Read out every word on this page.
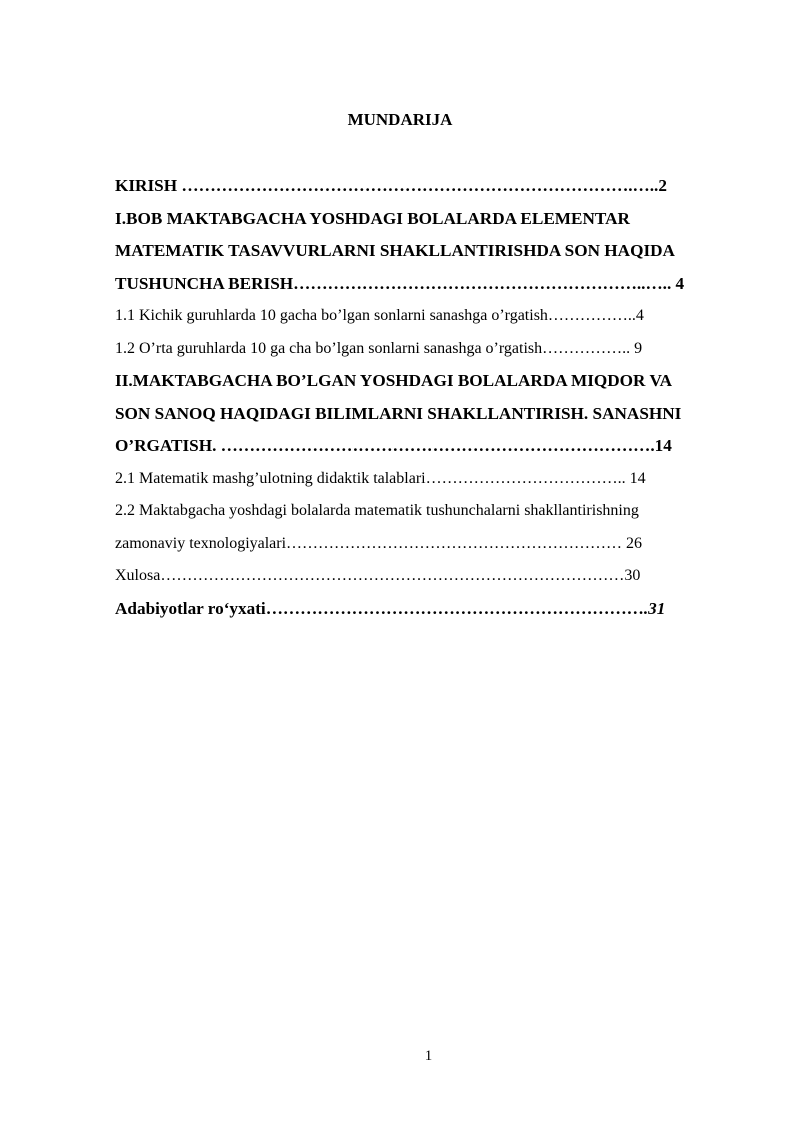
MUNDARIJA
KIRISH …………………………………………………………………….…..2
I.BOB MAKTABGACHA YOSHDAGI BOLALARDA ELEMENTAR
MATEMATIK TASAVVURLARNI SHAKLLANTIRISHDA SON HAQIDA
TUSHUNCHA BERISH……………………………………………………..….. 4
1.1 Kichik guruhlarda 10 gacha bo’lgan sonlarni sanashga o’rgatish……………..4
1.2 O’rta guruhlarda 10 ga cha bo’lgan sonlarni sanashga o’rgatish…………….. 9
II.MAKTABGACHA BO’LGAN YOSHDAGI BOLALARDA MIQDOR VA
SON SANOQ HAQIDAGI BILIMLARNI SHAKLLANTIRISH. SANASHNI
O’RGATISH. ………………………………………………………………….14
2.1 Matematik mashg’ulotning didaktik talablari……………………………….. 14
2.2 Maktabgacha yoshdagi bolalarda matematik tushunchalarni shakllantirishning
zamonaviy texnologiyalari……………………………………………………… 26
Xulosa……………………………………………………………………………30
Adabiyotlar ro‘yxati………………………………………………………….31
1
